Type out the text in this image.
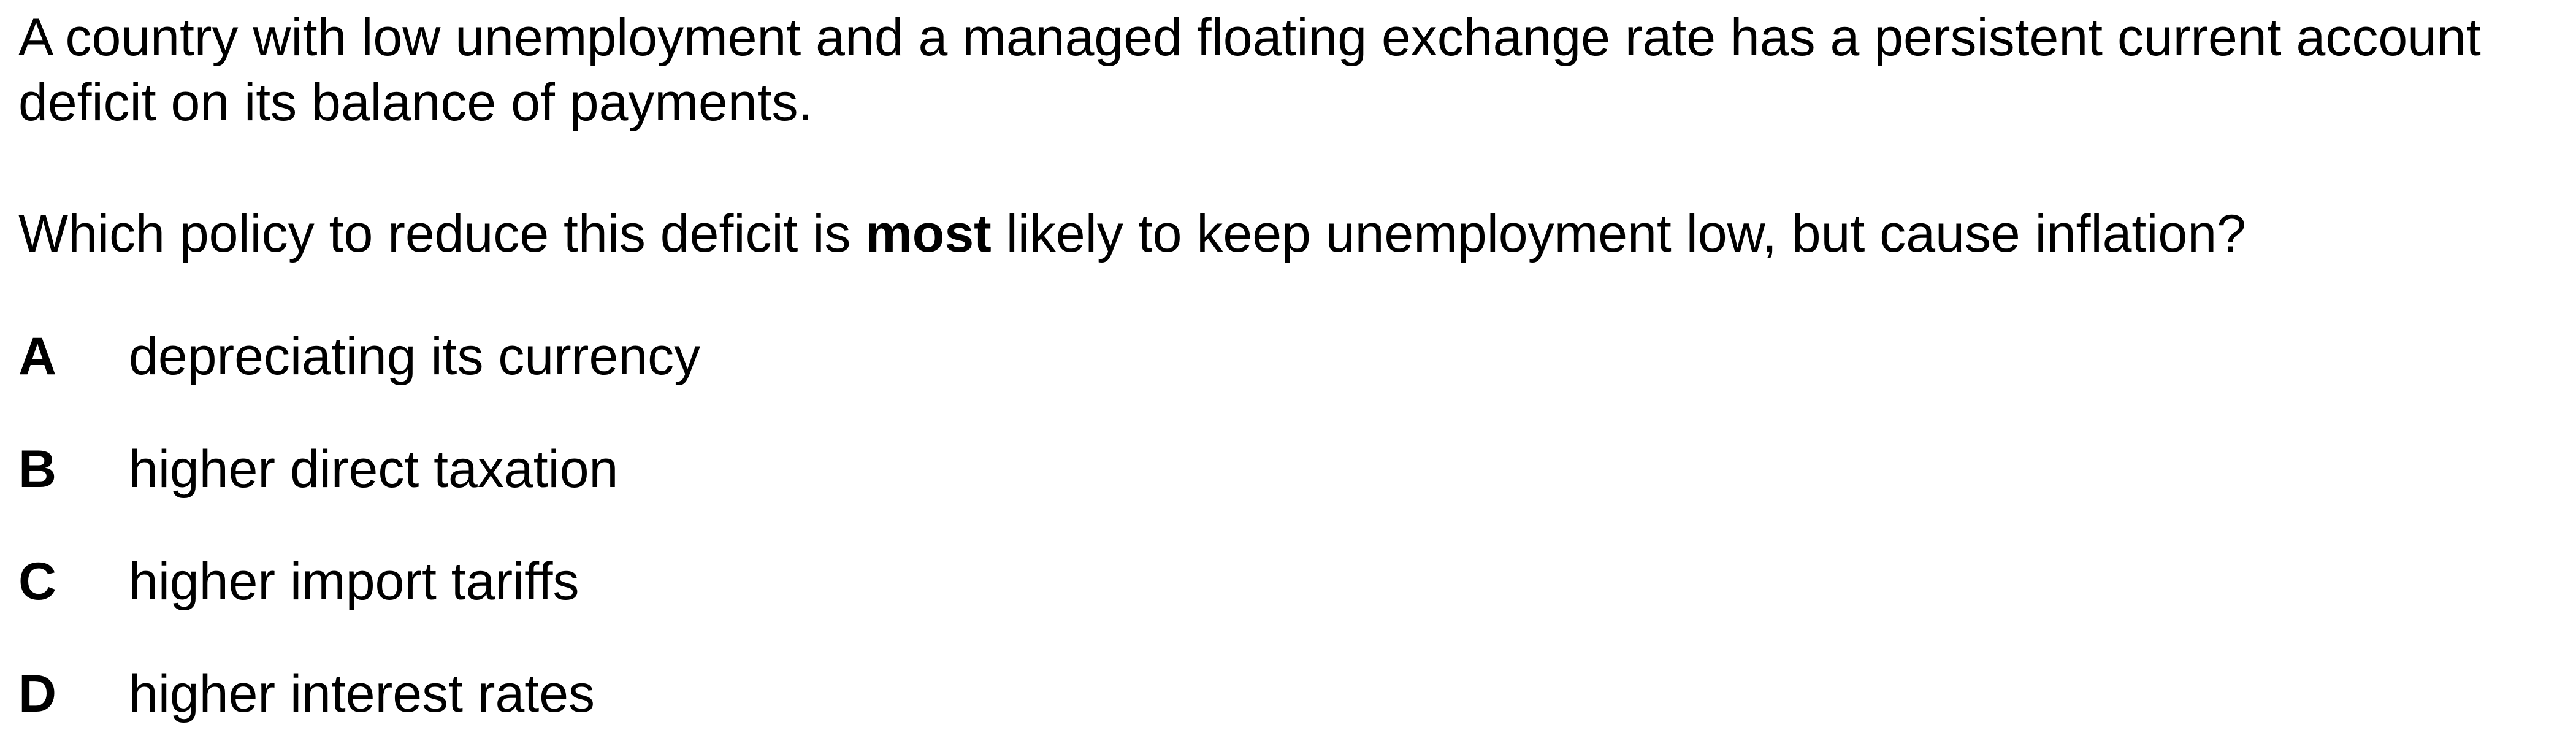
A country with low unemployment and a managed floating exchange rate has a persistent current account deficit on its balance of payments.

Which policy to reduce this deficit is most likely to keep unemployment low, but cause inflation?

A depreciating its currency
B higher direct taxation
C higher import tariffs
D higher interest rates
